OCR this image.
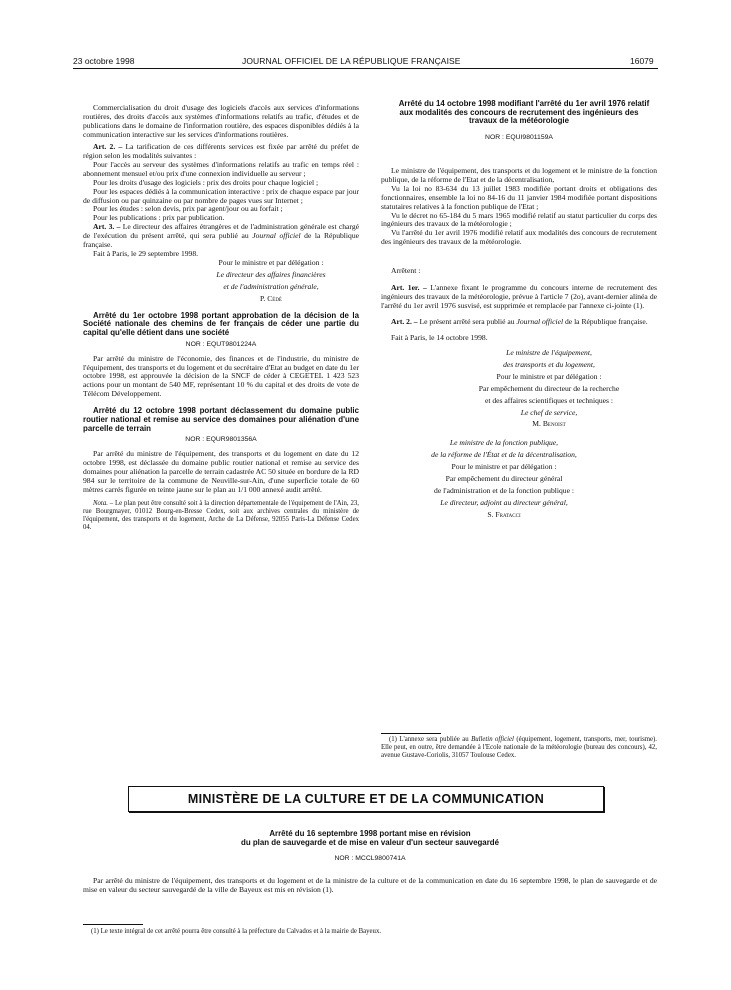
23 octobre 1998	JOURNAL OFFICIEL DE LA RÉPUBLIQUE FRANÇAISE	16079

Commercialisation du droit d'usage des logiciels d'accès aux services d'informations routières, des droits d'accès aux systèmes d'informations relatifs au trafic, d'études et de publications dans le domaine de l'information routière, des espaces disponibles dédiés à la communication interactive sur les services d'informations routières.

Art. 2. – La tarification de ces différents services est fixée par arrêté du préfet de région selon les modalités suivantes :

Pour l'accès au serveur des systèmes d'informations relatifs au trafic en temps réel : abonnement mensuel et/ou prix d'une connexion individuelle au serveur ;

Pour les droits d'usage des logiciels : prix des droits pour chaque logiciel ;

Pour les espaces dédiés à la communication interactive : prix de chaque espace par jour de diffusion ou par quinzaine ou par nombre de pages vues sur Internet ;

Pour les études : selon devis, prix par agent/jour ou au forfait ;

Pour les publications : prix par publication.

Art. 3. – Le directeur des affaires étrangères et de l'administration générale est chargé de l'exécution du présent arrêté, qui sera publié au Journal officiel de la République française.

Fait à Paris, le 29 septembre 1998.

Pour le ministre et par délégation :

Le directeur des affaires financières

et de l'administration générale,

P. Cédé

Arrêté du 1er octobre 1998 portant approbation de la décision de la Société nationale des chemins de fer français de céder une partie du capital qu'elle détient dans une société

NOR : EQUT9801224A

Par arrêté du ministre de l'économie, des finances et de l'industrie, du ministre de l'équipement, des transports et du logement et du secrétaire d'Etat au budget en date du 1er octobre 1998, est approuvée la décision de la SNCF de céder à CEGETEL 1 423 523 actions pour un montant de 540 MF, représentant 10 % du capital et des droits de vote de Télécom Développement.

Arrêté du 12 octobre 1998 portant déclassement du domaine public routier national et remise au service des domaines pour aliénation d'une parcelle de terrain

NOR : EQUR9801356A

Par arrêté du ministre de l'équipement, des transports et du logement en date du 12 octobre 1998, est déclassée du domaine public routier national et remise au service des domaines pour aliénation la parcelle de terrain cadastrée AC 50 située en bordure de la RD 984 sur le territoire de la commune de Neuville-sur-Ain, d'une superficie totale de 60 mètres carrés figurée en teinte jaune sur le plan au 1/1 000 annexé audit arrêté.

Nota. – Le plan peut être consulté soit à la direction départementale de l'équipement de l'Ain, 23, rue Bourgmayer, 01012 Bourg-en-Bresse Cedex, soit aux archives centrales du ministère de l'équipement, des transports et du logement, Arche de La Défense, 92055 Paris-La Défense Cedex 04.

Arrêté du 14 octobre 1998 modifiant l'arrêté du 1er avril 1976 relatif aux modalités des concours de recrutement des ingénieurs des travaux de la météorologie

NOR : EQUI9801159A

Le ministre de l'équipement, des transports et du logement et le ministre de la fonction publique, de la réforme de l'Etat et de la décentralisation,

Vu la loi no 83-634 du 13 juillet 1983 modifiée portant droits et obligations des fonctionnaires, ensemble la loi no 84-16 du 11 janvier 1984 modifiée portant dispositions statutaires relatives à la fonction publique de l'Etat ;

Vu le décret no 65-184 du 5 mars 1965 modifié relatif au statut particulier du corps des ingénieurs des travaux de la météorologie ;

Vu l'arrêté du 1er avril 1976 modifié relatif aux modalités des concours de recrutement des ingénieurs des travaux de la météorologie.

Arrêtent :

Art. 1er. – L'annexe fixant le programme du concours interne de recrutement des ingénieurs des travaux de la météorologie, prévue à l'article 7 (2o), avant-dernier alinéa de l'arrêté du 1er avril 1976 susvisé, est supprimée et remplacée par l'annexe ci-jointe (1).

Art. 2. – Le présent arrêté sera publié au Journal officiel de la République française.

Fait à Paris, le 14 octobre 1998.

Le ministre de l'équipement,

des transports et du logement,

Pour le ministre et par délégation :

Par empêchement du directeur de la recherche

et des affaires scientifiques et techniques :

Le chef de service,

M. Benoist

Le ministre de la fonction publique,

de la réforme de l'État et de la décentralisation,

Pour le ministre et par délégation :

Par empêchement du directeur général

de l'administration et de la fonction publique :

Le directeur, adjoint au directeur général,

S. Fratacci

(1) L'annexe sera publiée au Bulletin officiel (équipement, logement, transports, mer, tourisme). Elle peut, en outre, être demandée à l'Ecole nationale de la météorologie (bureau des concours), 42, avenue Gustave-Coriolis, 31057 Toulouse Cedex.

MINISTÈRE DE LA CULTURE ET DE LA COMMUNICATION

Arrêté du 16 septembre 1998 portant mise en révision

du plan de sauvegarde et de mise en valeur d'un secteur sauvegardé

NOR : MCCL9800741A

Par arrêté du ministre de l'équipement, des transports et du logement et de la ministre de la culture et de la communication en date du 16 septembre 1998, le plan de sauvegarde et de mise en valeur du secteur sauvegardé de la ville de Bayeux est mis en révision (1).

(1) Le texte intégral de cet arrêté pourra être consulté à la préfecture du Calvados et à la mairie de Bayeux.
